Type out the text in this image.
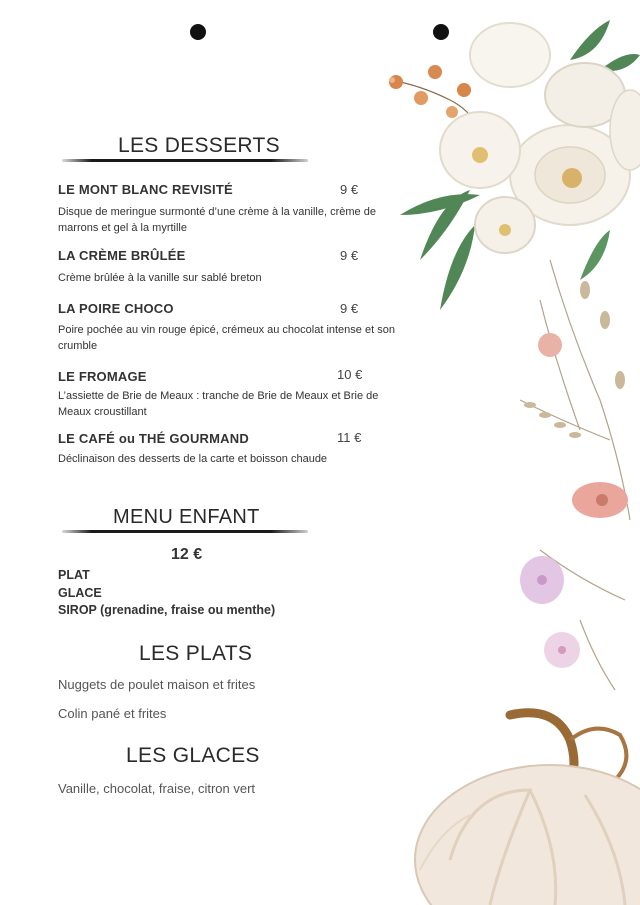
LES DESSERTS
LE MONT BLANC REVISITÉ	9 €
Disque de meringue surmonté d’une crème à la vanille, crème de marrons et gel à la myrtille
LA CRÈME BRÛLÉE	9 €
Crème brûlée à la vanille sur sablé breton
LA POIRE CHOCO	9 €
Poire pochée au vin rouge épicé, crémeux au chocolat intense et son crumble
LE FROMAGE	10 €
L’assiette de Brie de Meaux : tranche de Brie de Meaux et Brie de Meaux croustillant
LE CAFÉ ou THÉ GOURMAND	11 €
Déclinaison des desserts de la carte et boisson chaude
MENU ENFANT
12 €
PLAT
GLACE
SIROP (grenadine, fraise ou menthe)
LES PLATS
Nuggets de poulet maison et frites
Colin pané et frites
LES GLACES
Vanille, chocolat, fraise, citron vert
